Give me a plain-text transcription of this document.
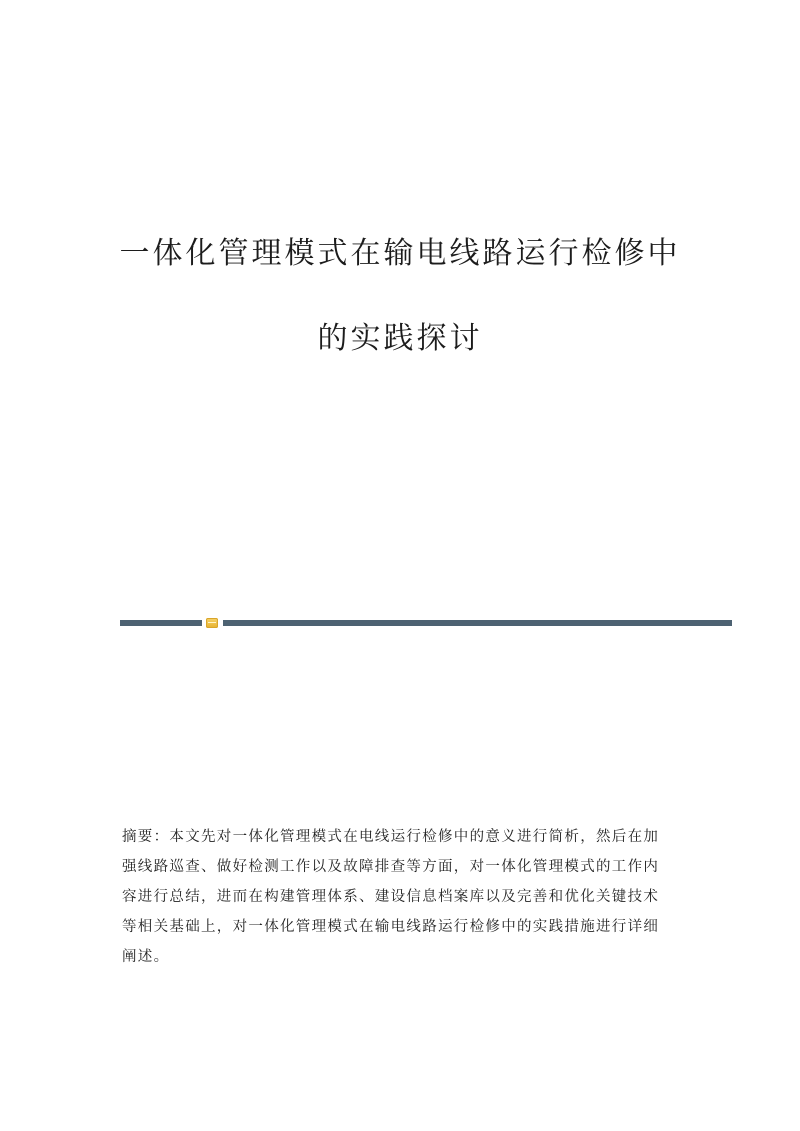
一体化管理模式在输电线路运行检修中
的实践探讨
摘要：本文先对一体化管理模式在电线运行检修中的意义进行简析，然后在加
强线路巡查、做好检测工作以及故障排查等方面，对一体化管理模式的工作内
容进行总结，进而在构建管理体系、建设信息档案库以及完善和优化关键技术
等相关基础上，对一体化管理模式在输电线路运行检修中的实践措施进行详细
阐述。
